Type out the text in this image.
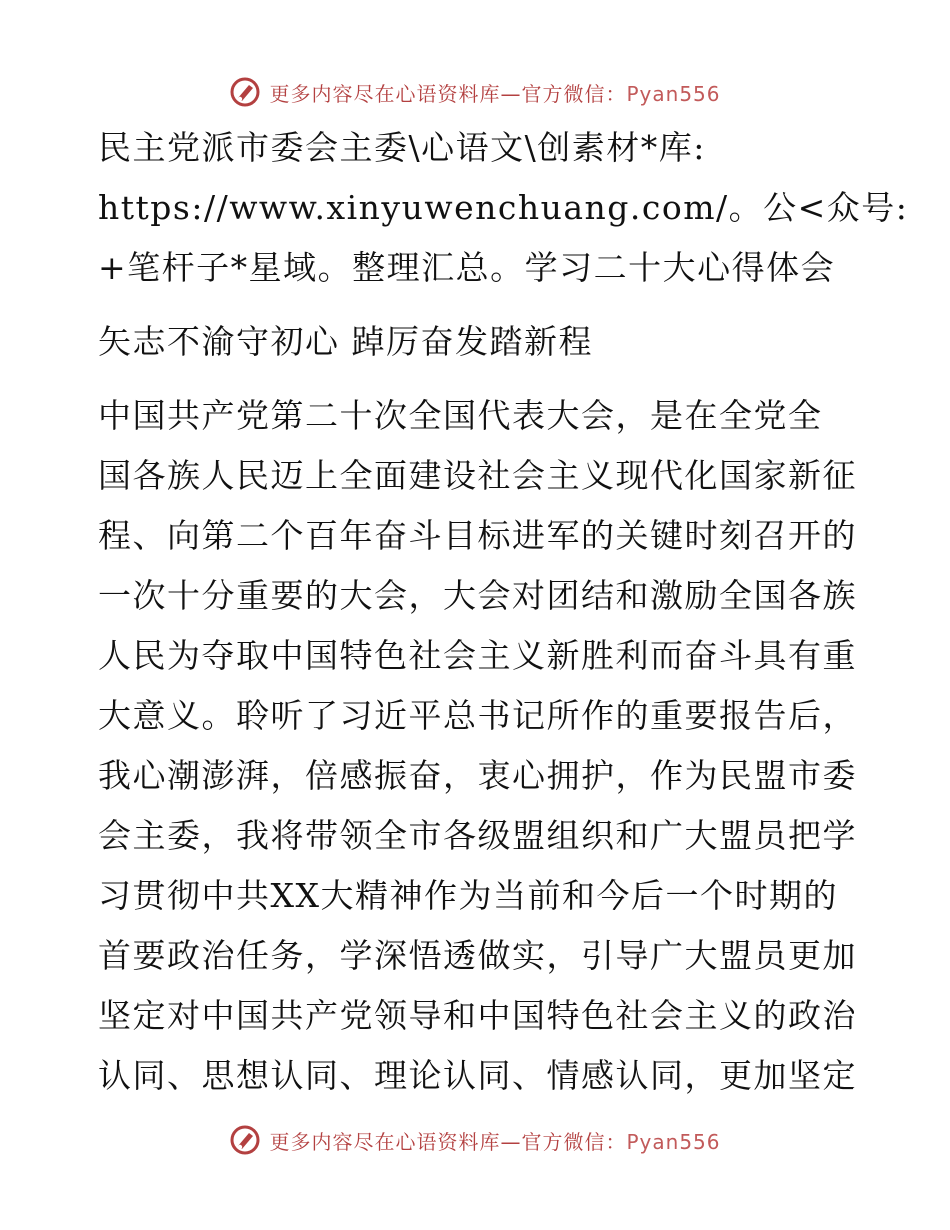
更多内容尽在心语资料库—官方微信：Pyan556
民主党派市委会主委\心语文\创素材*库:
https://www.xinyuwenchuang.com/。公<众号:
+笔杆子*星域。整理汇总。学习二十大心得体会
矢志不渝守初心 踔厉奋发踏新程
中国共产党第二十次全国代表大会，是在全党全
国各族人民迈上全面建设社会主义现代化国家新征
程、向第二个百年奋斗目标进军的关键时刻召开的
一次十分重要的大会，大会对团结和激励全国各族
人民为夺取中国特色社会主义新胜利而奋斗具有重
大意义。聆听了习近平总书记所作的重要报告后，
我心潮澎湃，倍感振奋，衷心拥护，作为民盟市委
会主委，我将带领全市各级盟组织和广大盟员把学
习贯彻中共XX大精神作为当前和今后一个时期的
首要政治任务，学深悟透做实，引导广大盟员更加
坚定对中国共产党领导和中国特色社会主义的政治
认同、思想认同、理论认同、情感认同，更加坚定
更多内容尽在心语资料库—官方微信：Pyan556
